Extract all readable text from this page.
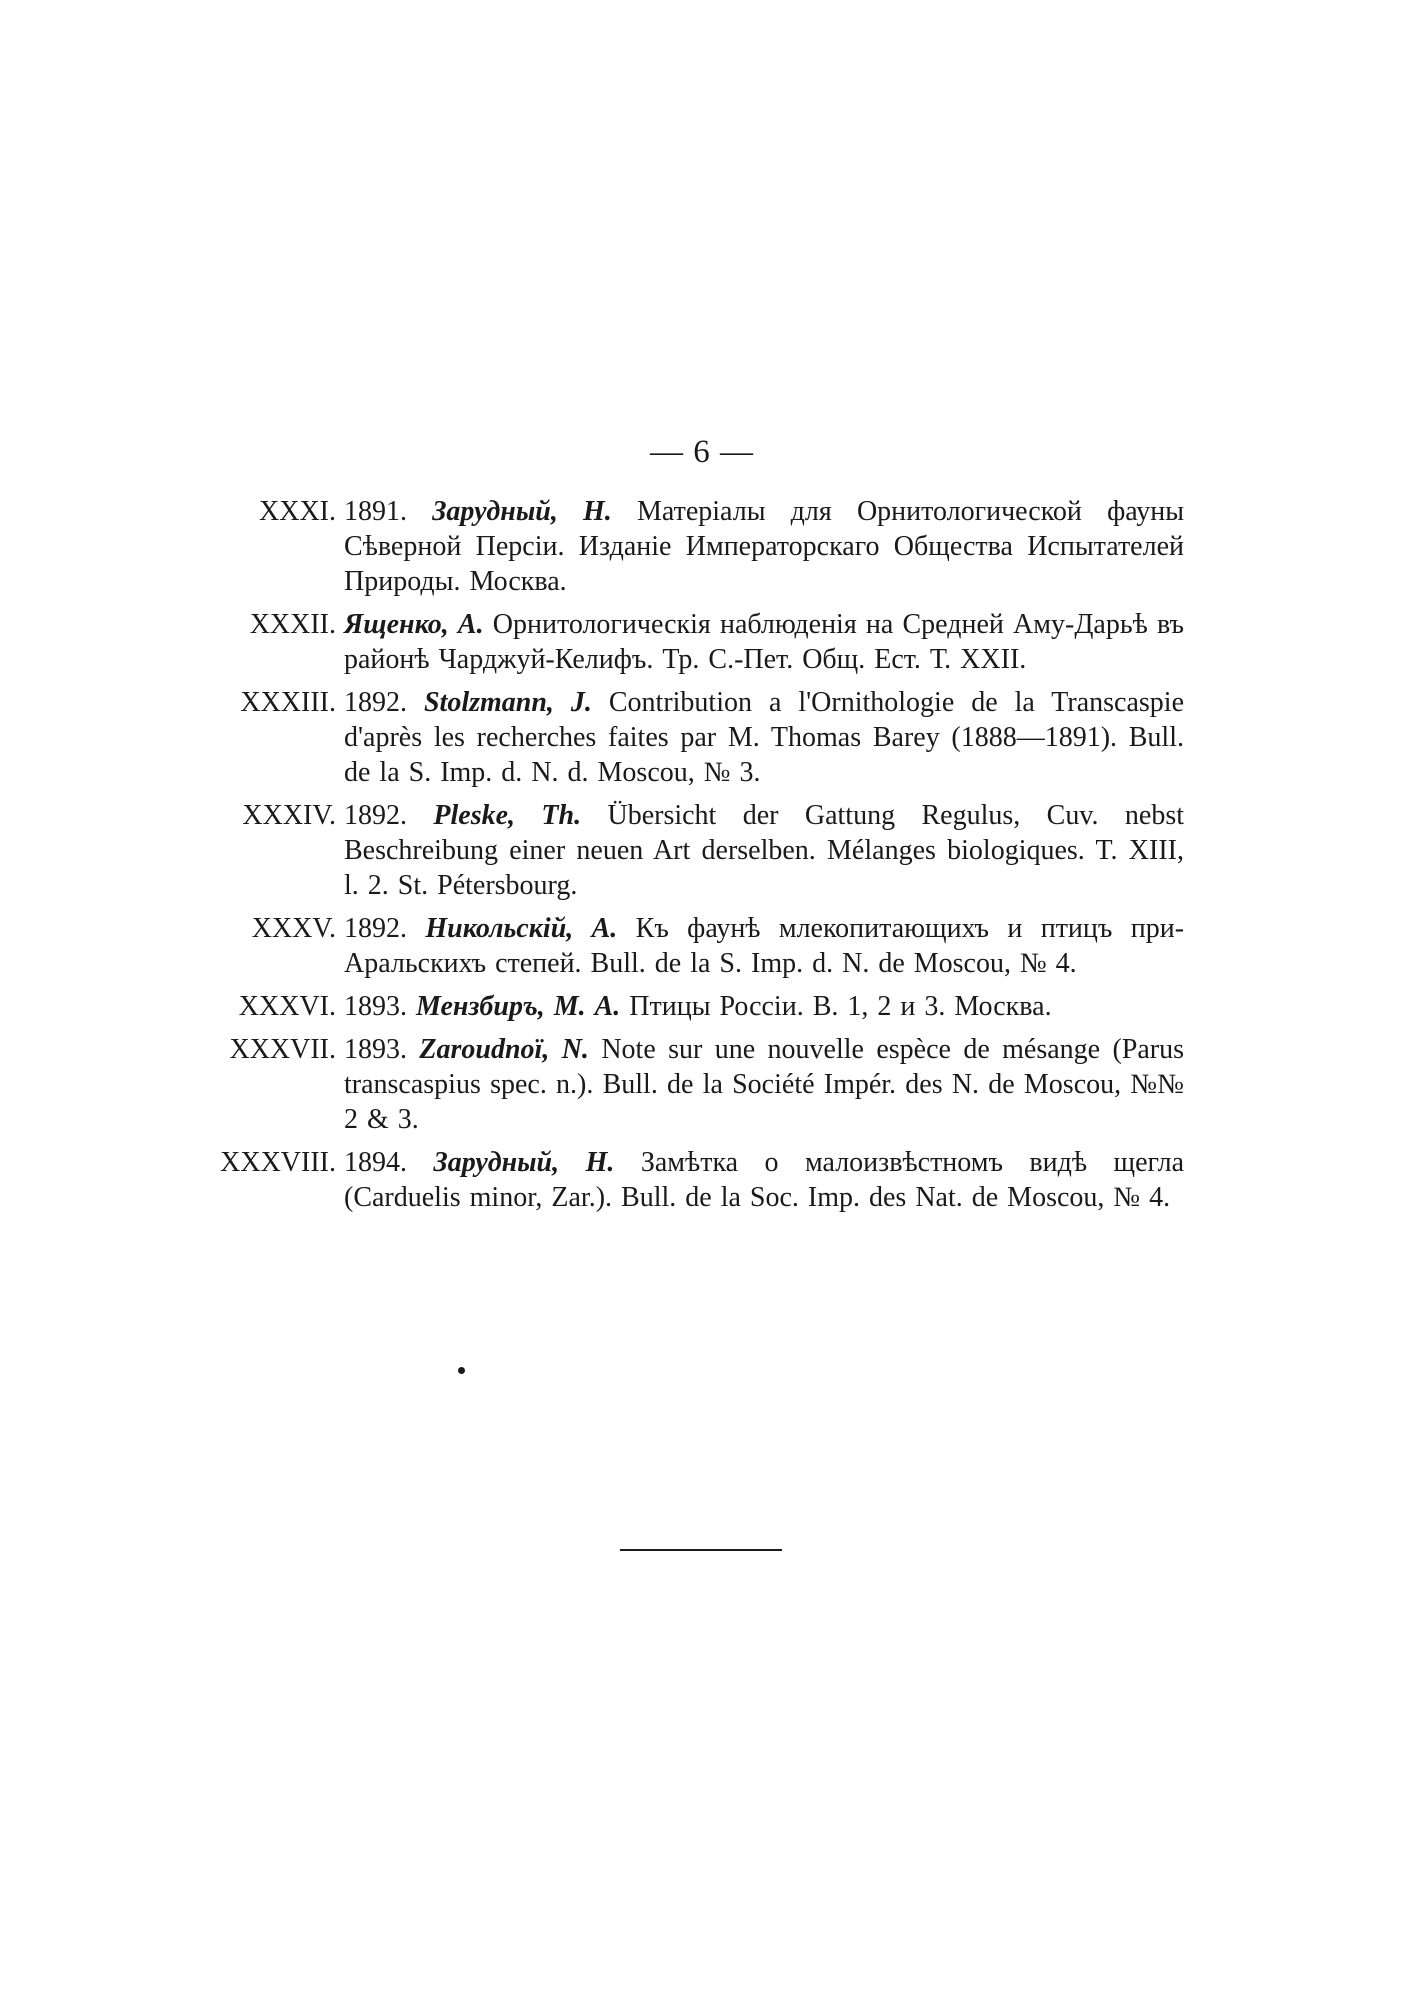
— 6 —
XXXI. 1891. Зарудный, Н. Матеріалы для Орнитологической фауны Сѣверной Персіи. Изданіе Императорскаго Общества Испытателей Природы. Москва.
XXXII. Ященко, А. Орнитологическія наблюденія на Средней Аму-Дарьѣ въ районѣ Чарджуй-Келифъ. Тр. С.-Пет. Общ. Ест. Т. XXII.
XXXIII. 1892. Stolzmann, J. Contribution a l'Ornithologie de la Transcaspie d'après les recherches faites par M. Thomas Barey (1888—1891). Bull. de la S. Imp. d. N. d. Moscou, № 3.
XXXIV. 1892. Pleske, Th. Übersicht der Gattung Regulus, Cuv. nebst Beschreibung einer neuen Art derselben. Mélanges biologiques. T. XIII, l. 2. St. Pétersbourg.
XXXV. 1892. Никольскій, А. Къ фаунѣ млекопитающихъ и птицъ при-Аральскихъ степей. Bull. de la S. Imp. d. N. de Moscou, № 4.
XXXVI. 1893. Мензбиръ, М. А. Птицы Россіи. В. 1, 2 и 3. Москва.
XXXVII. 1893. Zaroudnoï, N. Note sur une nouvelle espèce de mésange (Parus transcaspius spec. n.). Bull. de la Société Impér. des N. de Moscou, №№ 2 & 3.
XXXVIII. 1894. Зарудный, Н. Замѣтка о малоизвѣстномъ видѣ щегла (Carduelis minor, Zar.). Bull. de la Soc. Imp. des Nat. de Moscou, № 4.
